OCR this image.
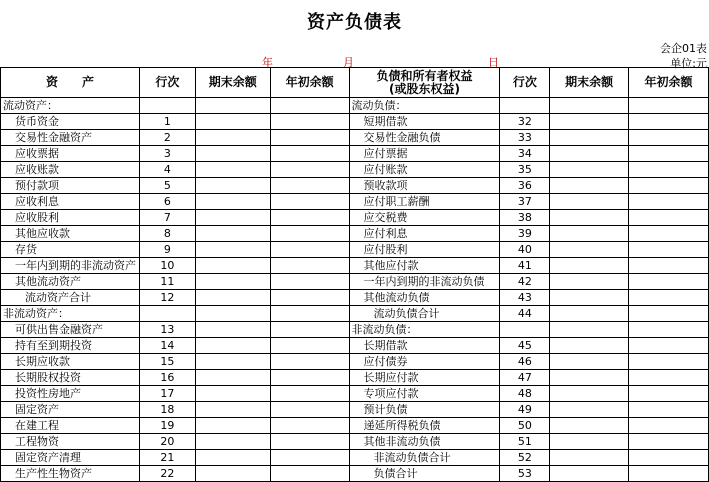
资产负债表
年	月	日
会企01表
单位:元
资　　产	行次	期末余额	年初余额	负债和所有者权益
(或股东权益)	行次	期末余额	年初余额
流动资产：				流动负债：			
货币资金	1			短期借款	32		
交易性金融资产	2			交易性金融负债	33		
应收票据	3			应付票据	34		
应收账款	4			应付账款	35		
预付款项	5			预收款项	36		
应收利息	6			应付职工薪酬	37		
应收股利	7			应交税费	38		
其他应收款	8			应付利息	39		
存货	9			应付股利	40		
一年内到期的非流动资产	10			其他应付款	41		
其他流动资产	11			一年内到期的非流动负债	42		
流动资产合计	12			其他流动负债	43		
非流动资产：				流动负债合计	44		
可供出售金融资产	13			非流动负债：			
持有至到期投资	14			长期借款	45		
长期应收款	15			应付债券	46		
长期股权投资	16			长期应付款	47		
投资性房地产	17			专项应付款	48		
固定资产	18			预计负债	49		
在建工程	19			递延所得税负债	50		
工程物资	20			其他非流动负债	51		
固定资产清理	21			非流动负债合计	52		
生产性生物资产	22			负债合计	53		
